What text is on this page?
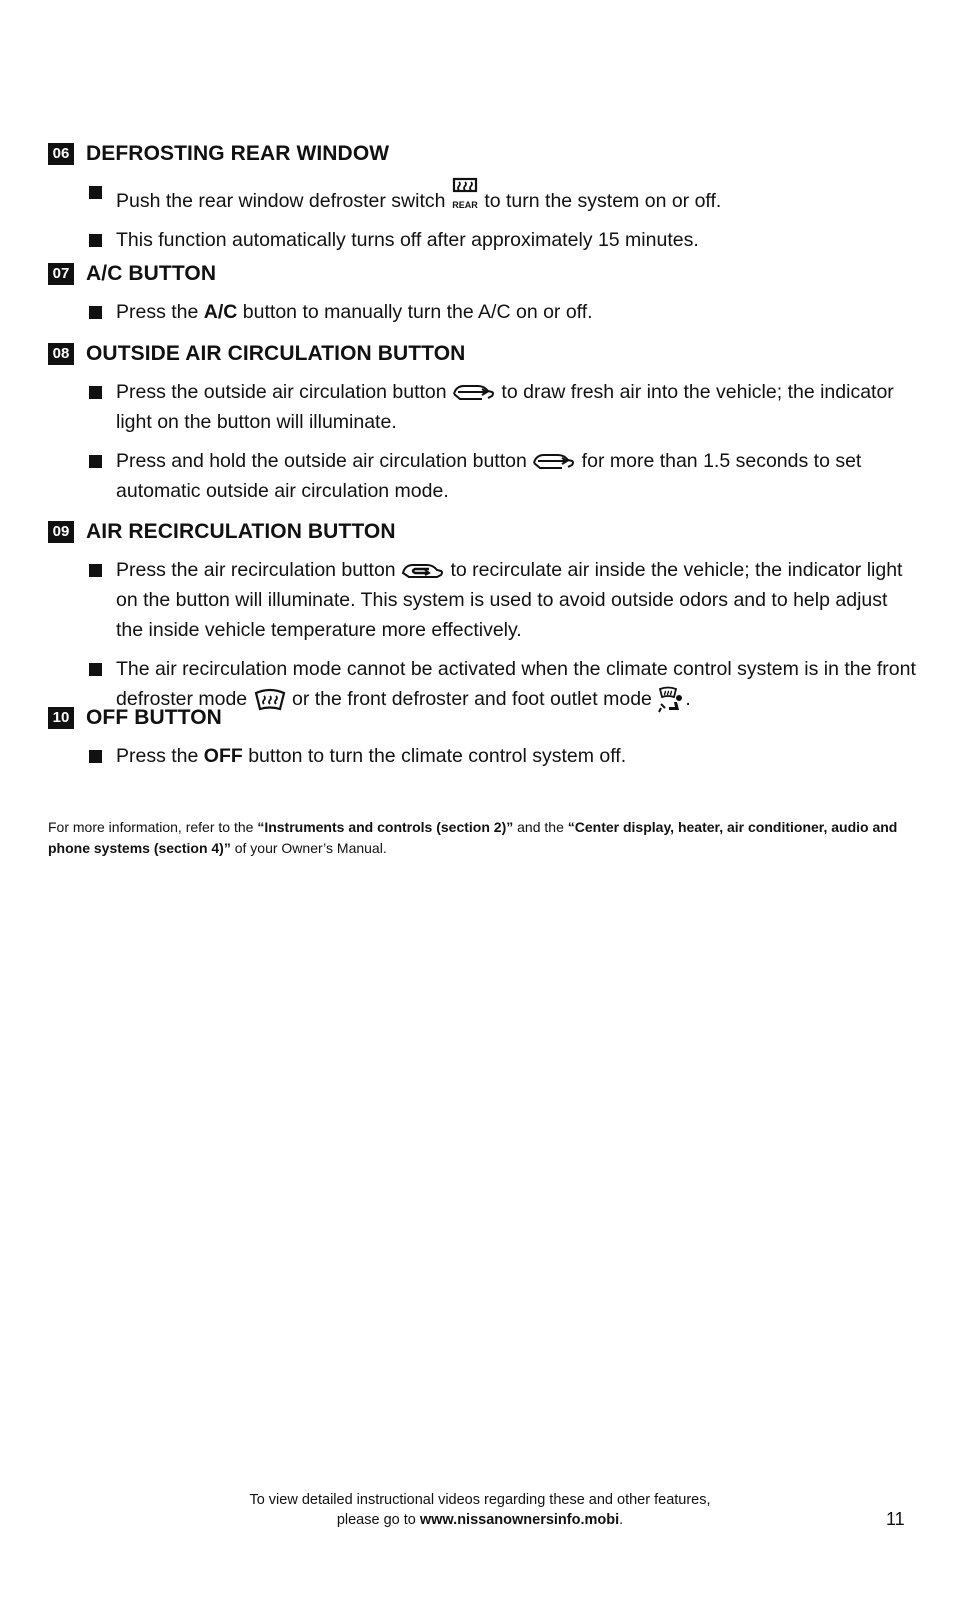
06 DEFROSTING REAR WINDOW
Push the rear window defroster switch REAR to turn the system on or off.
This function automatically turns off after approximately 15 minutes.
07 A/C BUTTON
Press the A/C button to manually turn the A/C on or off.
08 OUTSIDE AIR CIRCULATION BUTTON
Press the outside air circulation button
to draw fresh air into the vehicle; the indicator light on the button will illuminate.
Press and hold the outside air circulation button
for more than 1.5 seconds to set automatic outside air circulation mode.
09 AIR RECIRCULATION BUTTON
Press the air recirculation button
to recirculate air inside the vehicle; the indicator light on the button will illuminate. This system is used to avoid outside odors and to help adjust the inside vehicle temperature more effectively.
The air recirculation mode cannot be activated when the climate control system is in the front defroster mode
or the front defroster and foot outlet mode
.
10 OFF BUTTON
Press the OFF button to turn the climate control system off.
For more information, refer to the “Instruments and controls (section 2)” and the “Center display, heater, air conditioner, audio and phone systems (section 4)” of your Owner’s Manual.
To view detailed instructional videos regarding these and other features,
please go to www.nissanownersinfo.mobi.	11
